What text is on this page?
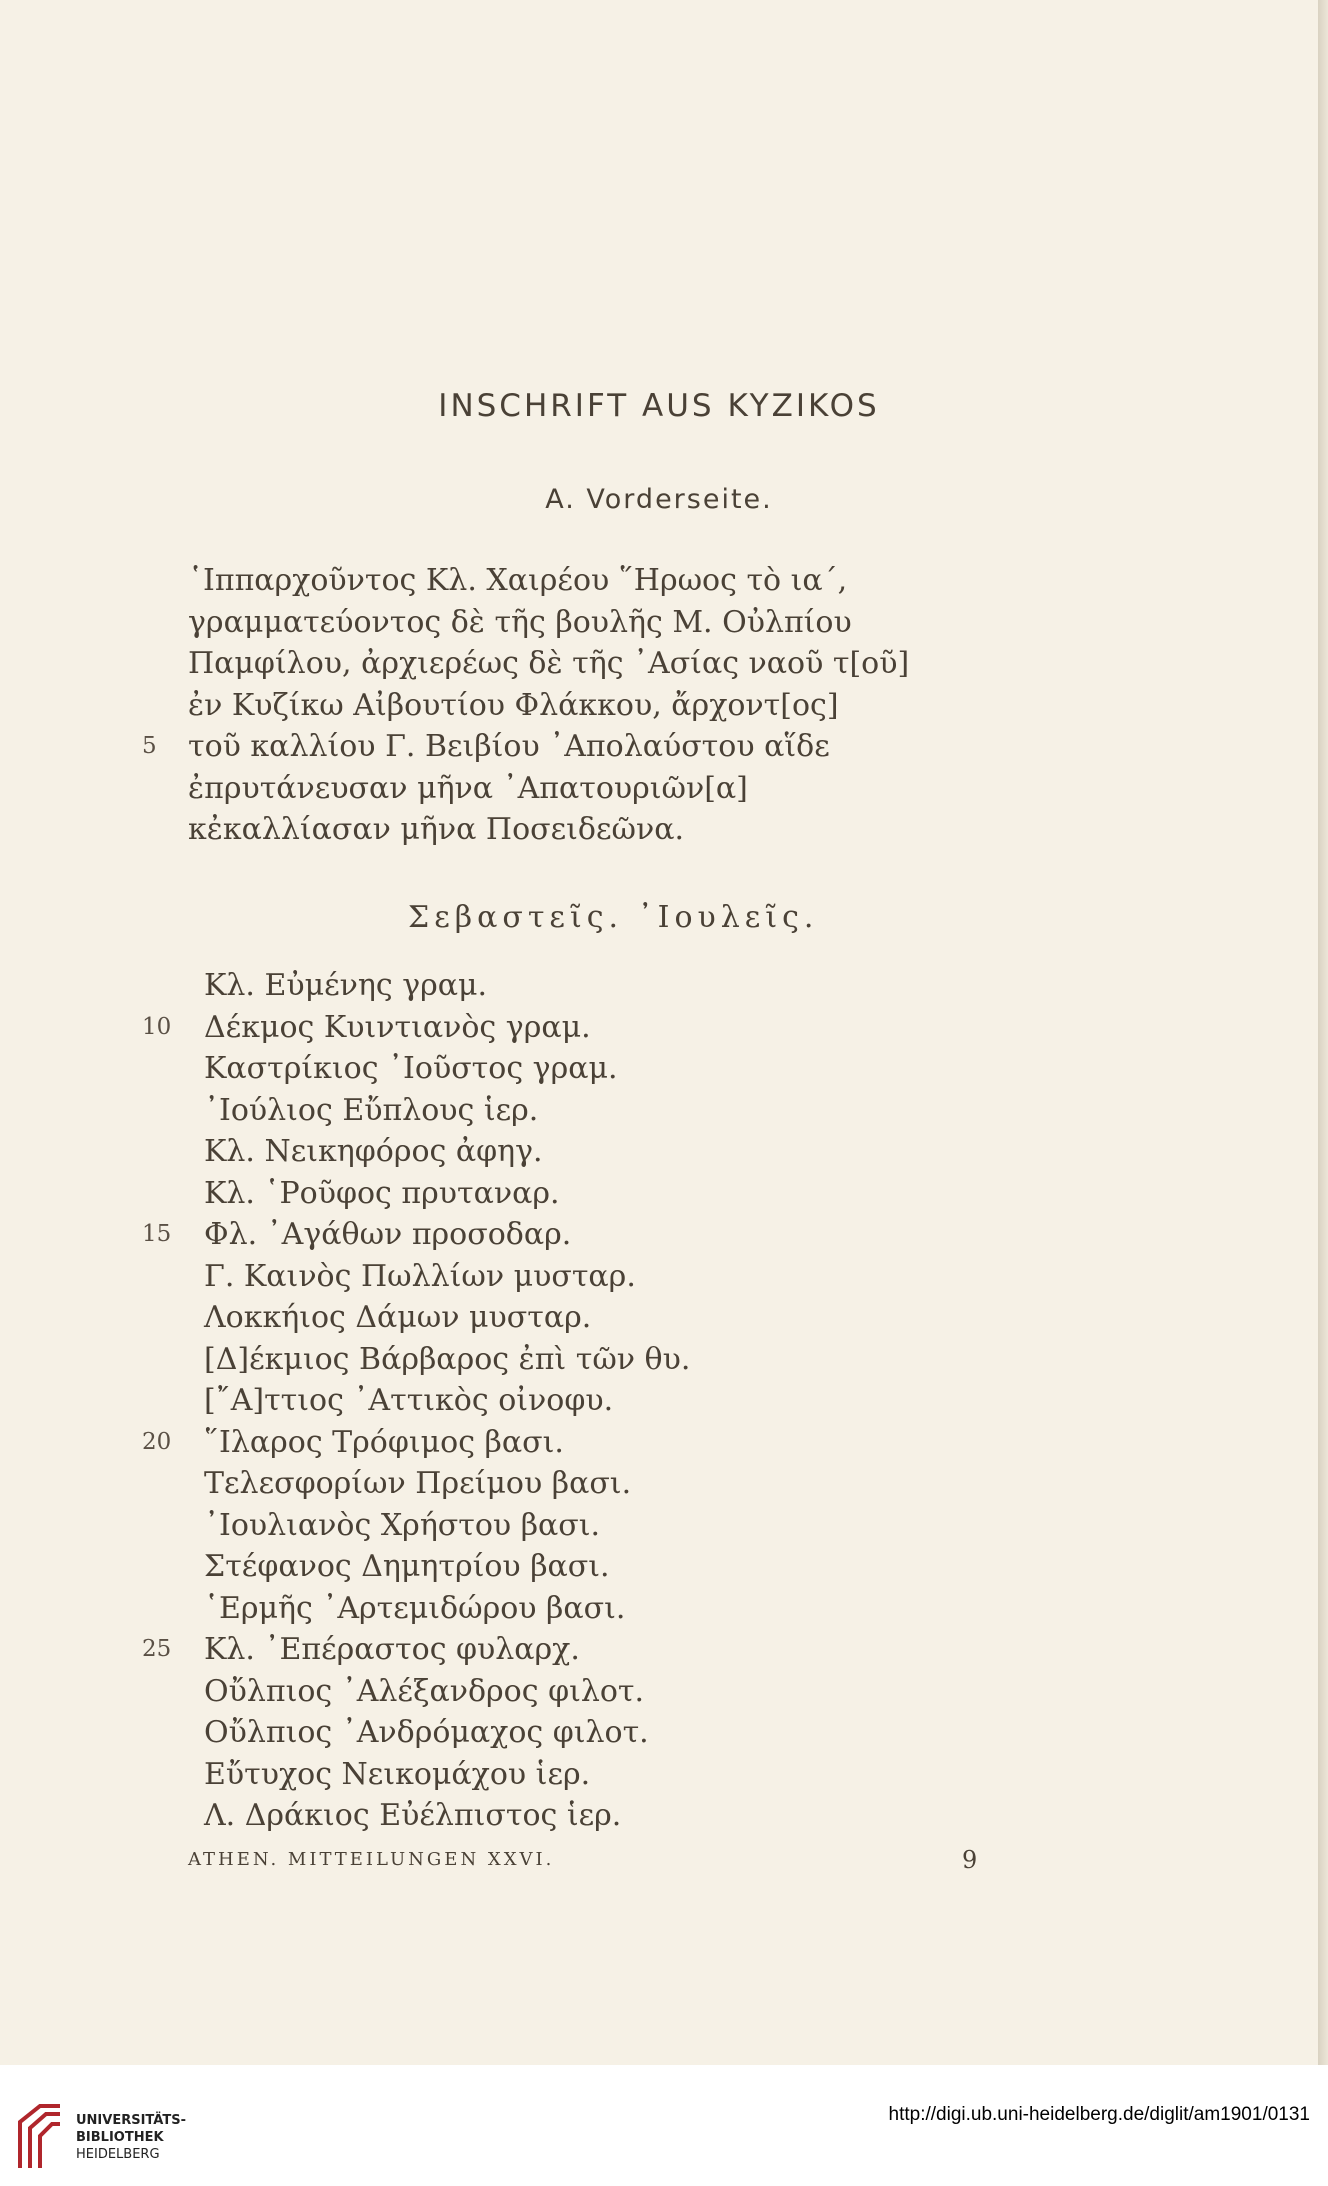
INSCHRIFT AUS KYZIKOS
A. Vorderseite.
῾Ιππαρχοῦντος Κλ. Χαιρέου ῞Ηρωος τὸ ια´,
γραμματεύοντος δὲ τῆς βουλῆς Μ. Οὐλπίου
Παμφίλου, ἀρχιερέως δὲ τῆς ᾿Ασίας ναοῦ τ[οῦ]
ἐν Κυζίκω Αἰβουτίου Φλάκκου, ἄρχοντ[ος]
5	τοῦ καλλίου Γ. Βειβίου ᾿Απολαύστου αἵδε
ἐπρυτάνευσαν μῆνα ᾿Απατουριῶν[α]
κἐκαλλίασαν μῆνα Ποσειδεῶνα.
Σεβαστεῖς. ᾿Ιουλεῖς.
Κλ. Εὐμένης γραμ.
10 Δέκμος Κυιντιανὸς γραμ.
Καστρίκιος ᾿Ιοῦστος γραμ.
᾿Ιούλιος Εὔπλους ἱερ.
Κλ. Νεικηφόρος ἀφηγ.
Κλ. ῾Ροῦφος πρυταναρ.
15 Φλ. ᾿Αγάθων προσοδαρ.
Γ. Καινὸς Πωλλίων μυσταρ.
Λοκκήιος Δάμων μυσταρ.
[Δ]έκμιος Βάρβαρος ἐπὶ τῶν θυ.
[῎Α]ττιος ᾿Αττικὸς οἰνοφυ.
20 ῞Ιλαρος Τρόφιμος βασι.
Τελεσφορίων Πρείμου βασι.
᾿Ιουλιανὸς Χρήστου βασι.
Στέφανος Δημητρίου βασι.
῾Ερμῆς ᾿Αρτεμιδώρου βασι.
25 Κλ. ᾿Επέραστος φυλαρχ.
Οὔλπιος ᾿Αλέξανδρος φιλοτ.
Οὔλπιος ᾿Ανδρόμαχος φιλοτ.
Εὔτυχος Νεικομάχου ἱερ.
Λ. Δράκιος Εὐέλπιστος ἱερ.
ATHEN. MITTEILUNGEN XXVI.	9
UNIVERSITÄTS-
BIBLIOTHEK
HEIDELBERG
http://digi.ub.uni-heidelberg.de/diglit/am1901/0131
